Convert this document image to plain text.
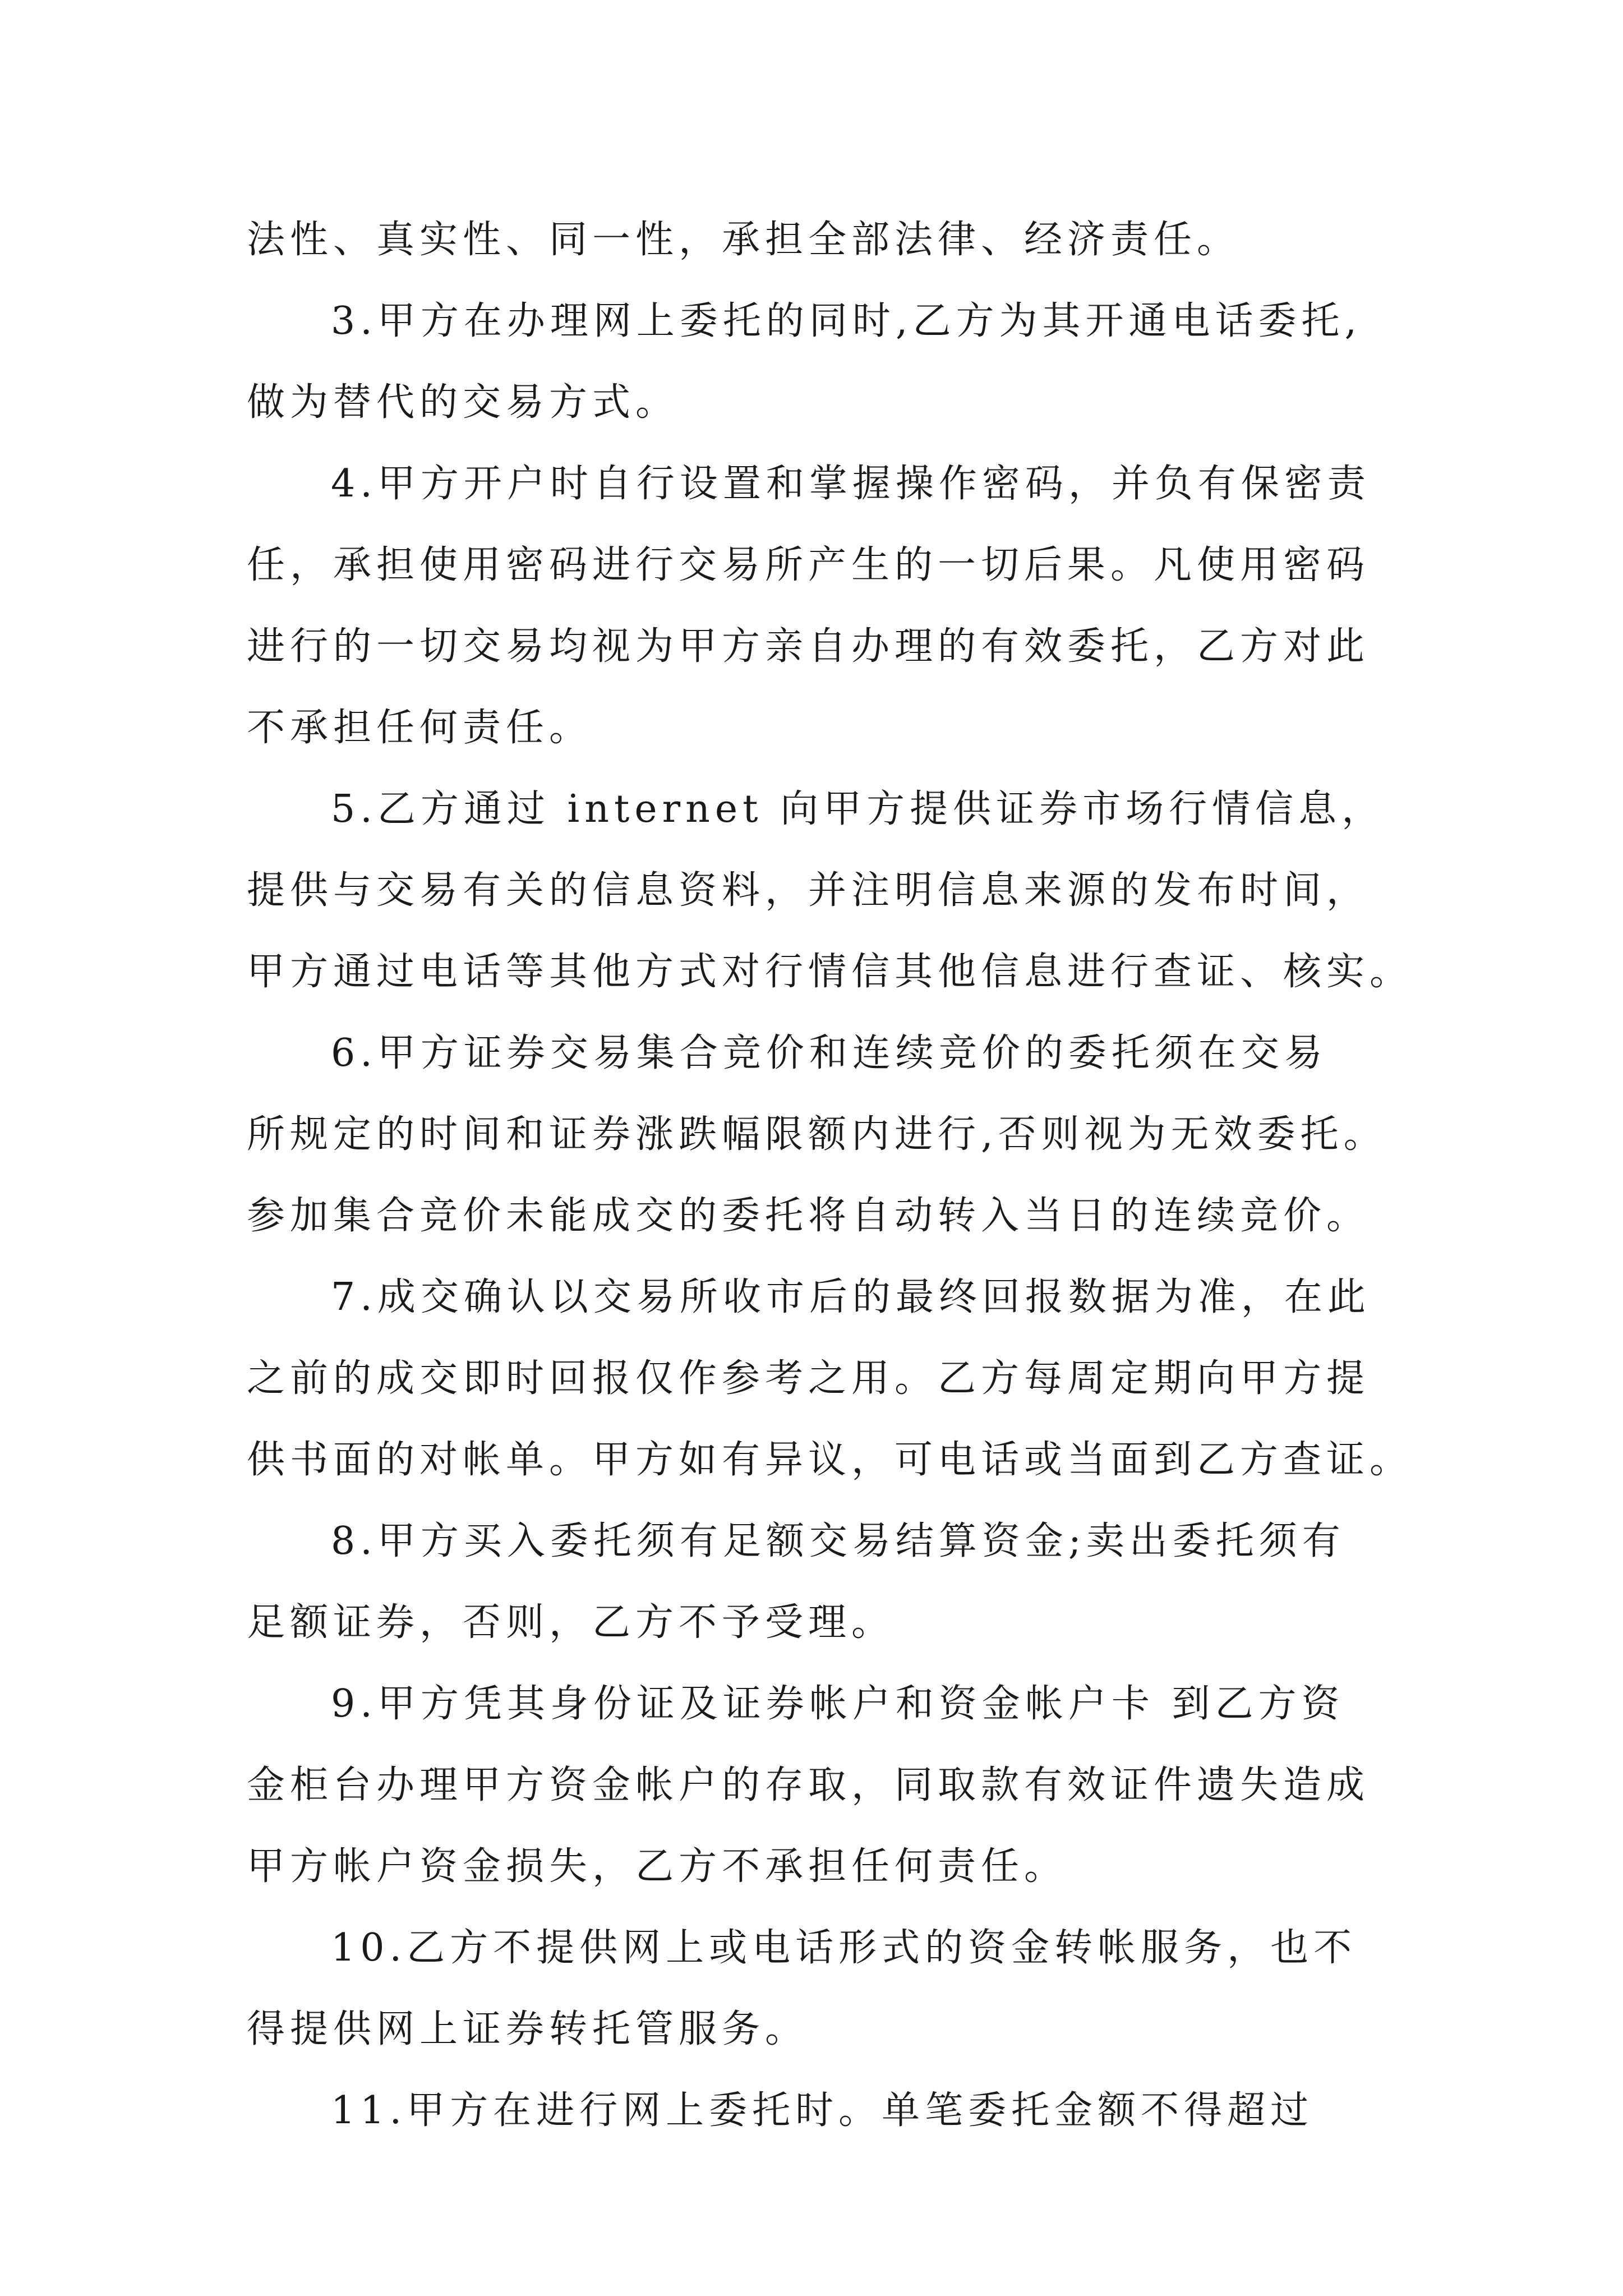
法性、真实性、同一性，承担全部法律、经济责任。
3.甲方在办理网上委托的同时,乙方为其开通电话委托,
做为替代的交易方式。
4.甲方开户时自行设置和掌握操作密码，并负有保密责
任，承担使用密码进行交易所产生的一切后果。凡使用密码
进行的一切交易均视为甲方亲自办理的有效委托，乙方对此
不承担任何责任。
5.乙方通过 internet 向甲方提供证券市场行情信息，
提供与交易有关的信息资料，并注明信息来源的发布时间，
甲方通过电话等其他方式对行情信其他信息进行查证、核实。
6.甲方证券交易集合竞价和连续竞价的委托须在交易
所规定的时间和证券涨跌幅限额内进行,否则视为无效委托。
参加集合竞价未能成交的委托将自动转入当日的连续竞价。
7.成交确认以交易所收市后的最终回报数据为准，在此
之前的成交即时回报仅作参考之用。乙方每周定期向甲方提
供书面的对帐单。甲方如有异议，可电话或当面到乙方查证。
8.甲方买入委托须有足额交易结算资金;卖出委托须有
足额证券，否则，乙方不予受理。
9.甲方凭其身份证及证券帐户和资金帐户卡 到乙方资
金柜台办理甲方资金帐户的存取，同取款有效证件遗失造成
甲方帐户资金损失，乙方不承担任何责任。
10.乙方不提供网上或电话形式的资金转帐服务，也不
得提供网上证券转托管服务。
11.甲方在进行网上委托时。单笔委托金额不得超过
